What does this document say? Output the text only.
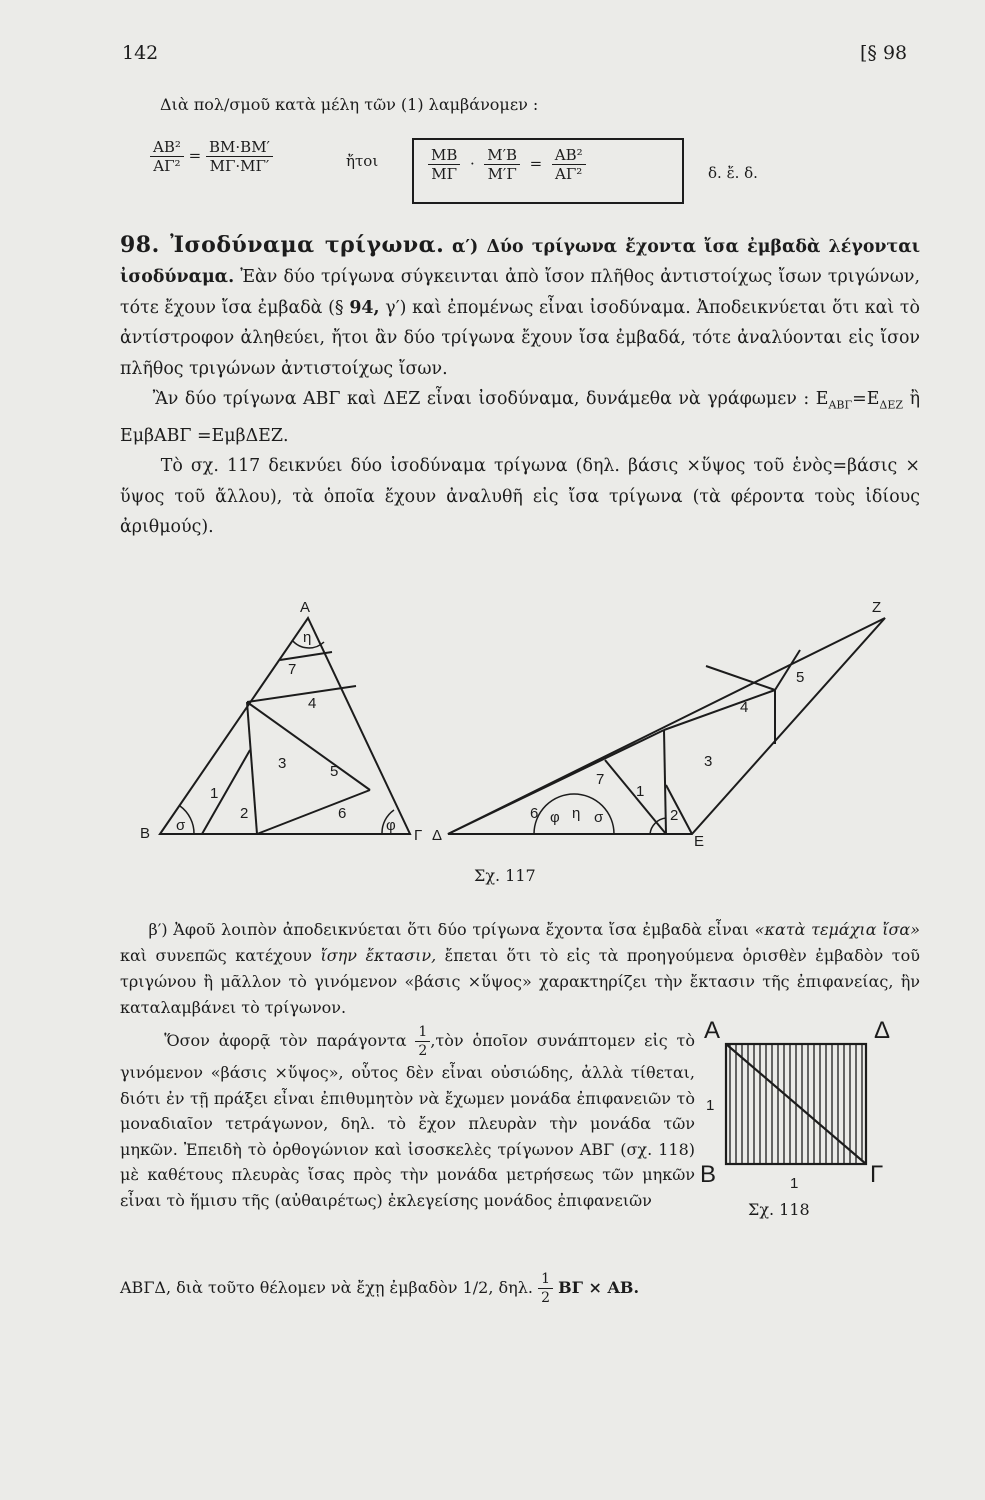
142	[§ 98
Διὰ πολ/σμοῦ κατὰ μέλη τῶν (1) λαμβάνομεν :
$\frac{\text{ΑΒ²}}{\text{ΑΓ²}} = \frac{BM\cdot BM'}{M\Gamma\cdot M\Gamma'}$	ἤτοι	$\frac{MB}{M\Gamma} \cdot \frac{M'B}{M'\Gamma} = \frac{\text{ΑΒ²}}{\text{ΑΓ²}}$	δ. ἔ. δ.
98. Ἰσοδύναμα τρίγωνα. α′) Δύο τρίγωνα ἔχοντα ἴσα ἐμβαδὰ λέγονται ἰσοδύναμα. Ἐὰν δύο τρίγωνα σύγκεινται ἀπὸ ἴσον πλῆθος ἀντιστοίχως ἴσων τριγώνων, τότε ἔχουν ἴσα ἐμβαδὰ (§ 94, γ′) καὶ ἐπομένως εἶναι ἰσοδύναμα. Ἀποδεικνύεται ὅτι καὶ τὸ ἀντίστροφον ἀληθεύει, ἤτοι ἂν δύο τρίγωνα ἔχουν ἴσα ἐμβαδά, τότε ἀναλύονται εἰς ἴσον πλῆθος τριγώνων ἀντιστοίχως ἴσων.
Ἂν δύο τρίγωνα ΑΒΓ καὶ ΔΕΖ εἶναι ἰσοδύναμα, δυνάμεθα νὰ γράφωμεν : $E_{AB\Gamma}=E_{\Delta EZ}$ ἢ ΕμβΑΒΓ =ΕμβΔΕΖ.
Τὸ σχ. 117 δεικνύει δύο ἰσοδύναμα τρίγωνα (δηλ. βάσις ×ὕψος τοῦ ἑνὸς=βάσις × ὕψος τοῦ ἄλλου), τὰ ὁποῖα ἔχουν ἀναλυθῆ εἰς ἴσα τρίγωνα (τὰ φέροντα τοὺς ἰδίους ἀριθμούς).
Α
Β	Γ
η
σ	φ
7
4
1
2
3	5
6
Δ	Ε
Ζ
φ η σ
6
7
2
1
3
4
5
Σχ. 117
β′) Ἀφοῦ λοιπὸν ἀποδεικνύεται ὅτι δύο τρίγωνα ἔχοντα ἴσα ἐμβαδὰ εἶναι «κατὰ τεμάχια ἴσα» καὶ συνεπῶς κατέχουν ἴσην ἔκτασιν, ἔπεται ὅτι τὸ εἰς τὰ προηγούμενα ὁρισθὲν ἐμβαδὸν τοῦ τριγώνου ἢ μᾶλλον τὸ γινόμενον «βάσις ×ὕψος» χαρακτηρίζει τὴν ἔκτασιν τῆς ἐπιφανείας, ἣν καταλαμβάνει τὸ τρίγωνον.
Ὅσον ἀφορᾷ τὸν παράγοντα $\frac{1}{2}$ ,τὸν ὁποῖον συνάπτομεν εἰς τὸ γινόμενον «βάσις ×ὕψος», οὗτος δὲν εἶναι οὐσιώδης, ἀλλὰ τίθεται, διότι ἐν τῇ πράξει εἶναι ἐπιθυμητὸν νὰ ἔχωμεν μονάδα ἐπιφανειῶν τὸ μοναδιαῖον τετράγωνον, δηλ. τὸ ἔχον πλευρὰν τὴν μονάδα τῶν μηκῶν. Ἐπειδὴ τὸ ὀρθογώνιον καὶ ἰσοσκελὲς τρίγωνον ΑΒΓ (σχ. 118) μὲ καθέτους πλευρὰς ἴσας πρὸς τὴν μονάδα μετρήσεως τῶν μηκῶν εἶναι τὸ ἥμισυ τῆς (αὐθαιρέτως) ἐκλεγείσης μονάδος ἐπιφανειῶν
Α	Δ
Β	Γ
1
1
Σχ. 118
ΑΒΓΔ, διὰ τοῦτο θέλομεν νὰ ἔχῃ ἐμβαδὸν 1/2, δηλ. $\frac{1}{2}$ ΒΓ × ΑΒ.
